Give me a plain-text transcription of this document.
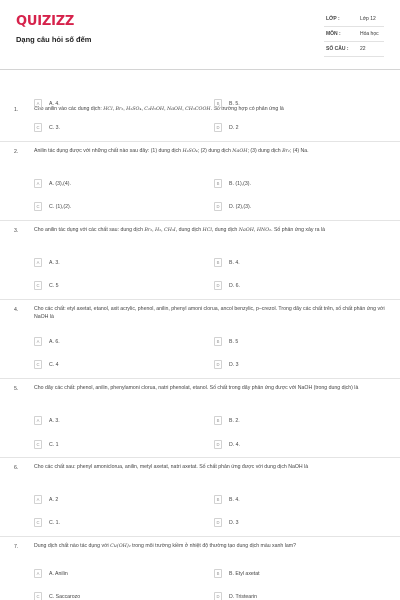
QUIZIZZ
Dạng câu hỏi số đếm
LỚP :	Lớp 12
MÔN :	Hóa học
SỐ CÂU : 22
1.	Cho anilin vào các dung dịch: HCl, Br₂, H₂SO₄, C₂H₅OH, NaOH, CH₃COOH. Số trường hợp có phản ứng là
A	A. 4.	B	B. 5.
C	C. 3.	D	D. 2
2.	Anilin tác dụng được với những chất nào sau đây: (1) dung dịch H₂SO₄; (2) dung dịch NaOH; (3) dung dịch Br₂; (4) Na.
A	A. (3),(4).	B	B. (1),(3).
C	C. (1),(2).	D	D. (2),(3).
3.	Cho anilin tác dụng với các chất sau: dung dịch Br₂, H₂, CH₃I, dung dịch HCl, dung dịch NaOH, HNO₂. Số phản ứng xảy ra là
A	A. 3.	B	B. 4.
C	C. 5	D	D. 6.
4.	Cho các chất: etyl axetat, etanol, axit acrylic, phenol, anilin, phenyl amoni clorua, ancol benzylic, p–crezol. Trong dãy các chất trên, số chất phản ứng với NaOH là
A	A. 6.	B	B. 5
C	C. 4	D	D. 3
5.	Cho dãy các chất: phenol, anilin, phenylamoni clorua, natri phenolat, etanol. Số chất trong dãy phản ứng được với NaOH (trong dung dịch) là
A	A. 3.	B	B. 2.
C	C. 1	D	D. 4.
6.	Cho các chất sau: phenyl amoniclorua, anilin, metyl axetat, natri axetat. Số chất phản ứng được với dung dịch NaOH là
A	A. 2	B	B. 4.
C	C. 1.	D	D. 3
7.	Dung dịch chất nào tác dụng với Cu(OH)₂ trong môi trường kiềm ở nhiệt độ thường tạo dung dịch màu xanh lam?
A	A. Anilin	B	B. Etyl axetat
C	C. Saccarozo	D	D. Tristearin
